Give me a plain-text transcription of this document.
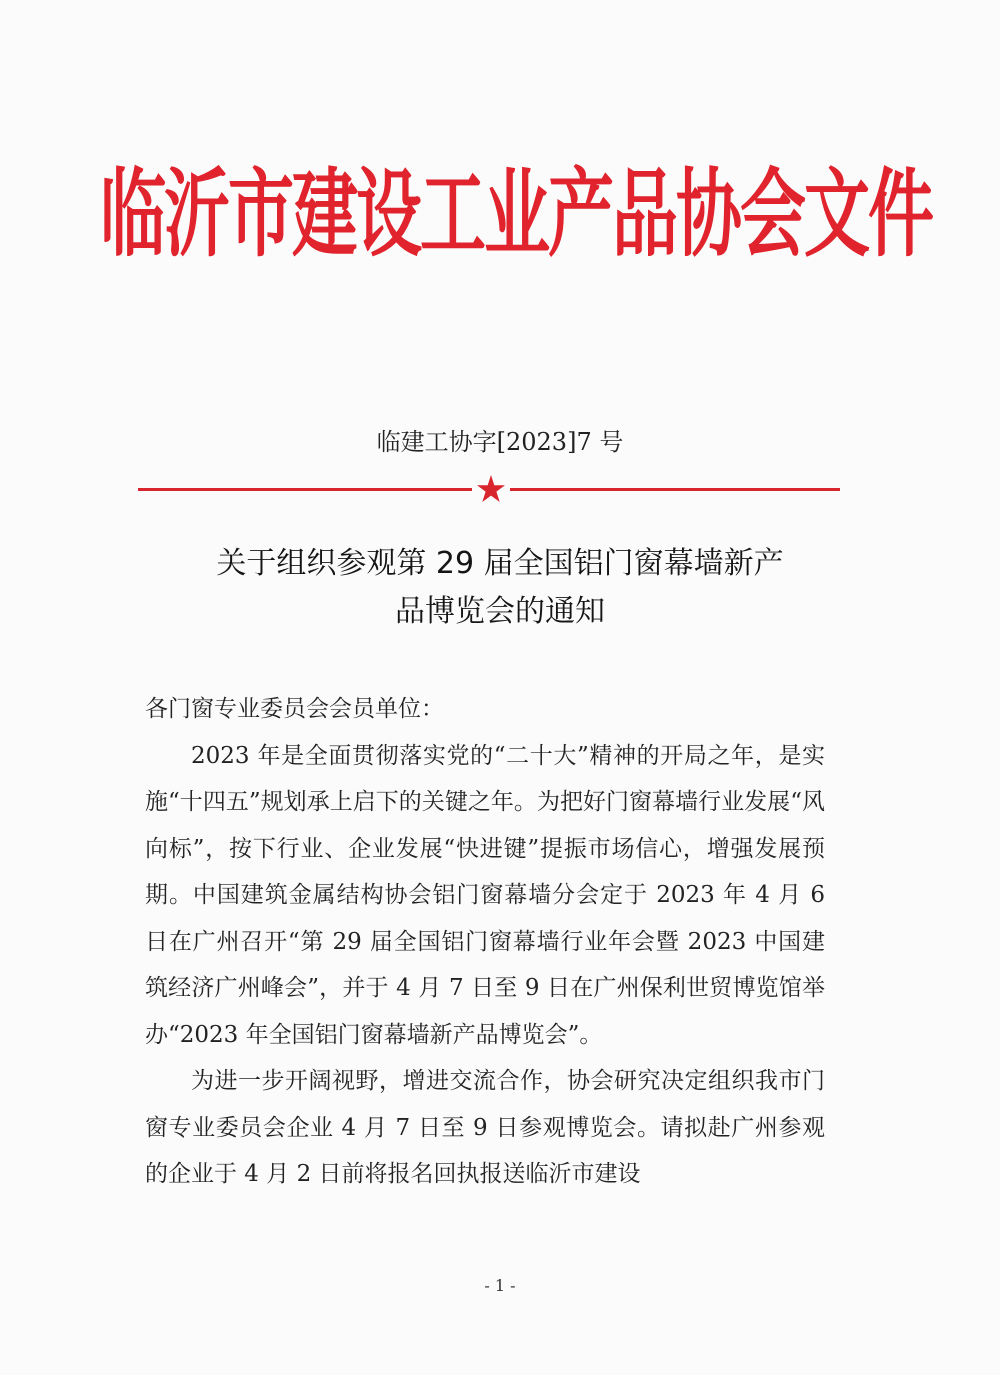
临沂市建设工业产品协会文件
临建工协字[2023]7 号
关于组织参观第 29 届全国铝门窗幕墙新产
品博览会的通知

各门窗专业委员会会员单位：

2023 年是全面贯彻落实党的“二十大”精神的开局之年，是实施“十四五”规划承上启下的关键之年。为把好门窗幕墙行业发展“风向标”，按下行业、企业发展“快进键”提振市场信心，增强发展预期。中国建筑金属结构协会铝门窗幕墙分会定于 2023 年 4 月 6 日在广州召开“第 29 届全国铝门窗幕墙行业年会暨 2023 中国建筑经济广州峰会”，并于 4 月 7 日至 9 日在广州保利世贸博览馆举办“2023 年全国铝门窗幕墙新产品博览会”。

为进一步开阔视野，增进交流合作，协会研究决定组织我市门窗专业委员会企业 4 月 7 日至 9 日参观博览会。请拟赴广州参观的企业于 4 月 2 日前将报名回执报送临沂市建设

- 1 -
